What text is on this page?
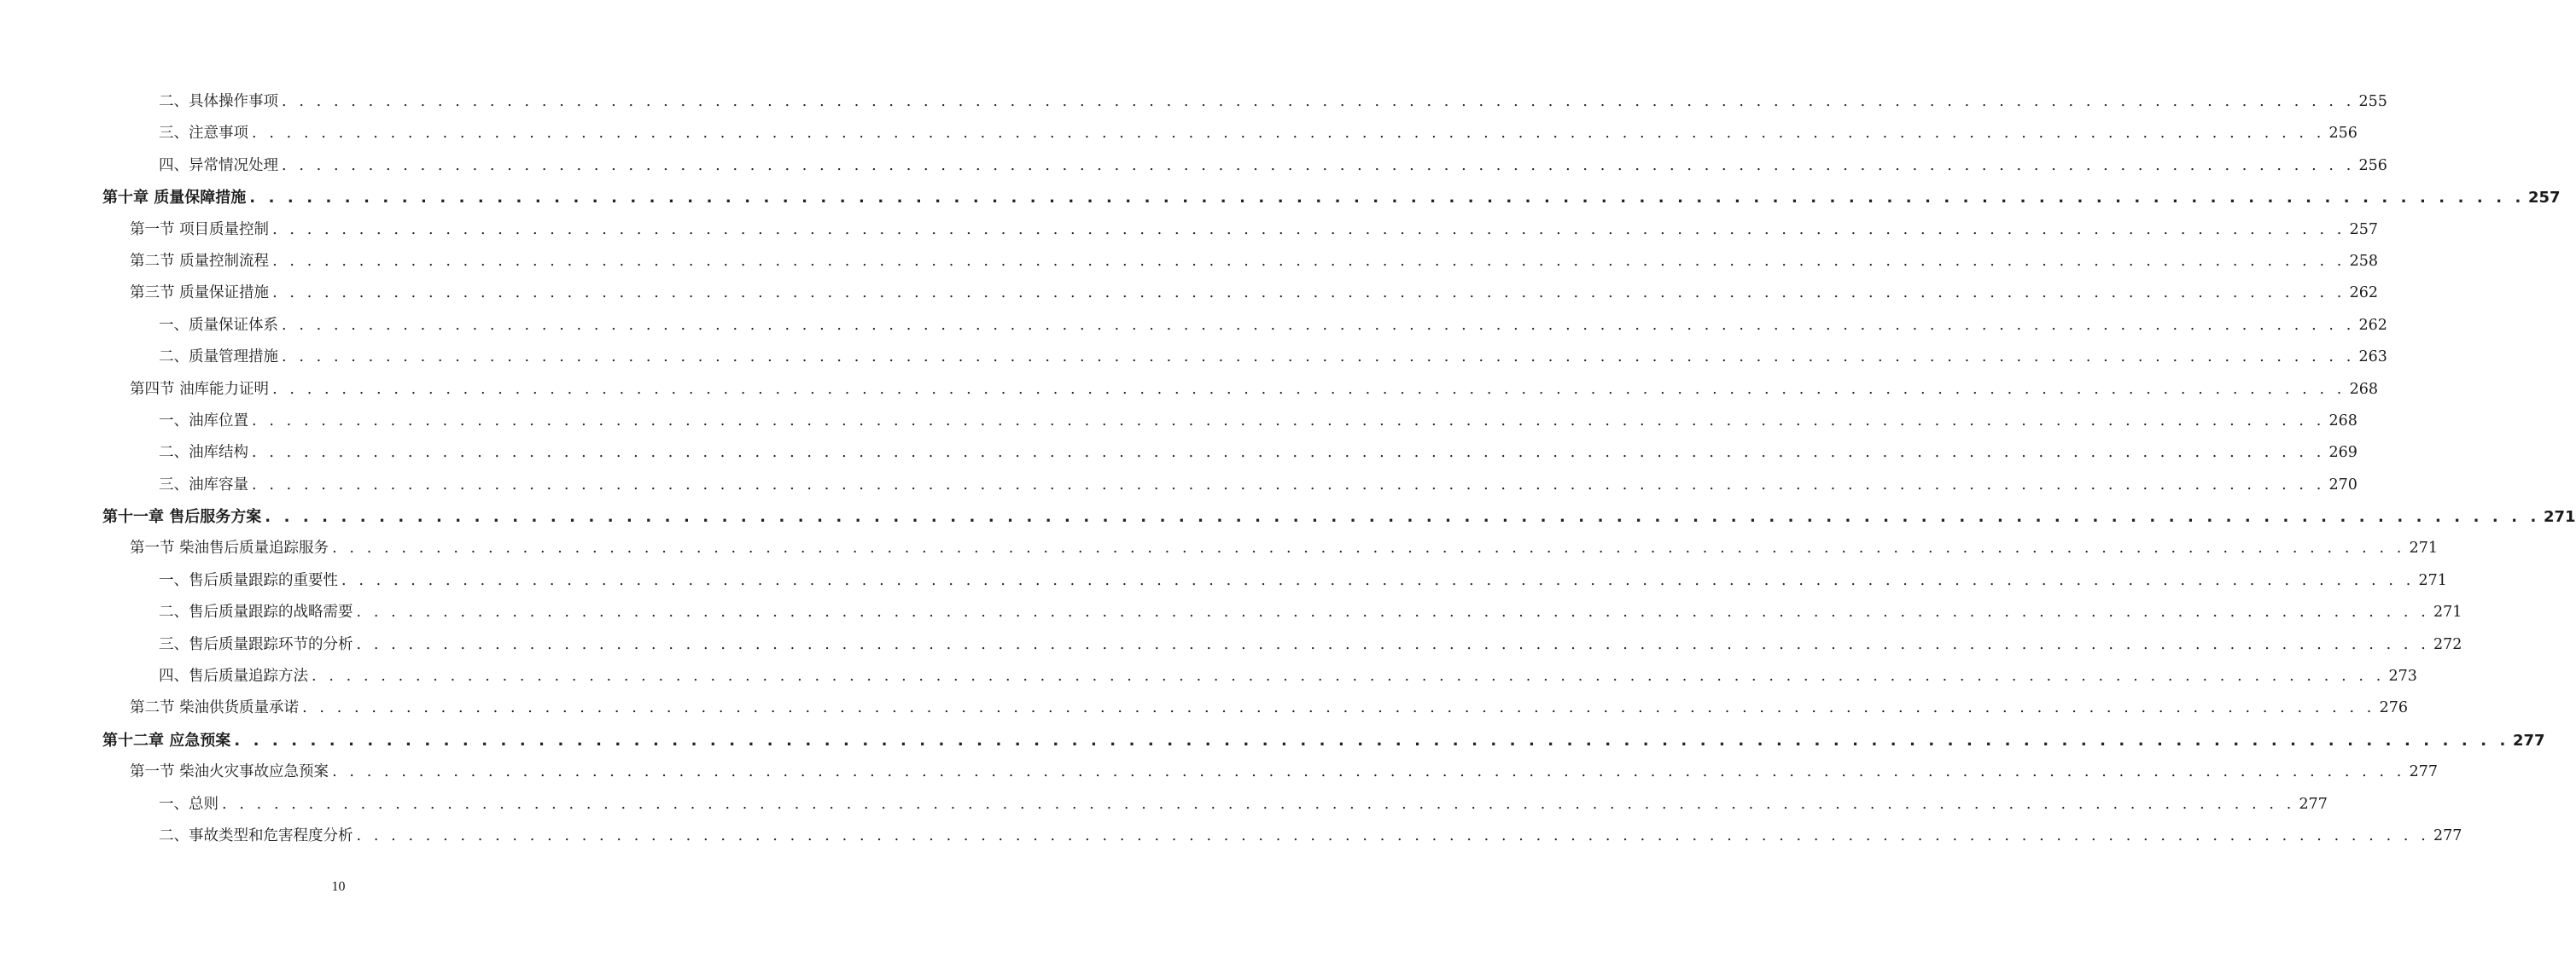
二、具体操作事项 . . . . . . . . . . . . . . . . . . . . . . . . . . . . . . . . . . . . . . . . . . . . . . . . . . . . . . . . . . . . . . . . . . . . . . . . . . . . . . . . . . . . . . . . . . . . . . . . . . . . . . . . . . . . . . . . . . . . . . . . 255
三、注意事项 . . . . . . . . . . . . . . . . . . . . . . . . . . . . . . . . . . . . . . . . . . . . . . . . . . . . . . . . . . . . . . . . . . . . . . . . . . . . . . . . . . . . . . . . . . . . . . . . . . . . . . . . . . . . . . . . . . . . . . . . 256
四、异常情况处理 . . . . . . . . . . . . . . . . . . . . . . . . . . . . . . . . . . . . . . . . . . . . . . . . . . . . . . . . . . . . . . . . . . . . . . . . . . . . . . . . . . . . . . . . . . . . . . . . . . . . . . . . . . . . . . . . . . . . . . . . 256
第十章 质量保障措施 . . . . . . . . . . . . . . . . . . . . . . . . . . . . . . . . . . . . . . . . . . . . . . . . . . . . . . . . . . . . . . . . . . . . . . . . . . . . . . . . . . . . . . . . . . . . . . . . . . . . . . . . . . . . . . . . . . . . . . . . 257
第一节 项目质量控制 . . . . . . . . . . . . . . . . . . . . . . . . . . . . . . . . . . . . . . . . . . . . . . . . . . . . . . . . . . . . . . . . . . . . . . . . . . . . . . . . . . . . . . . . . . . . . . . . . . . . . . . . . . . . . . . . . . . . . . . . 257
第二节 质量控制流程 . . . . . . . . . . . . . . . . . . . . . . . . . . . . . . . . . . . . . . . . . . . . . . . . . . . . . . . . . . . . . . . . . . . . . . . . . . . . . . . . . . . . . . . . . . . . . . . . . . . . . . . . . . . . . . . . . . . . . . . . 258
第三节 质量保证措施 . . . . . . . . . . . . . . . . . . . . . . . . . . . . . . . . . . . . . . . . . . . . . . . . . . . . . . . . . . . . . . . . . . . . . . . . . . . . . . . . . . . . . . . . . . . . . . . . . . . . . . . . . . . . . . . . . . . . . . . . 262
一、质量保证体系 . . . . . . . . . . . . . . . . . . . . . . . . . . . . . . . . . . . . . . . . . . . . . . . . . . . . . . . . . . . . . . . . . . . . . . . . . . . . . . . . . . . . . . . . . . . . . . . . . . . . . . . . . . . . . . . . . . . . . . . . 262
二、质量管理措施 . . . . . . . . . . . . . . . . . . . . . . . . . . . . . . . . . . . . . . . . . . . . . . . . . . . . . . . . . . . . . . . . . . . . . . . . . . . . . . . . . . . . . . . . . . . . . . . . . . . . . . . . . . . . . . . . . . . . . . . . 263
第四节 油库能力证明 . . . . . . . . . . . . . . . . . . . . . . . . . . . . . . . . . . . . . . . . . . . . . . . . . . . . . . . . . . . . . . . . . . . . . . . . . . . . . . . . . . . . . . . . . . . . . . . . . . . . . . . . . . . . . . . . . . . . . . . . 268
一、油库位置 . . . . . . . . . . . . . . . . . . . . . . . . . . . . . . . . . . . . . . . . . . . . . . . . . . . . . . . . . . . . . . . . . . . . . . . . . . . . . . . . . . . . . . . . . . . . . . . . . . . . . . . . . . . . . . . . . . . . . . . . 268
二、油库结构 . . . . . . . . . . . . . . . . . . . . . . . . . . . . . . . . . . . . . . . . . . . . . . . . . . . . . . . . . . . . . . . . . . . . . . . . . . . . . . . . . . . . . . . . . . . . . . . . . . . . . . . . . . . . . . . . . . . . . . . . 269
三、油库容量 . . . . . . . . . . . . . . . . . . . . . . . . . . . . . . . . . . . . . . . . . . . . . . . . . . . . . . . . . . . . . . . . . . . . . . . . . . . . . . . . . . . . . . . . . . . . . . . . . . . . . . . . . . . . . . . . . . . . . . . . 270
第十一章 售后服务方案 . . . . . . . . . . . . . . . . . . . . . . . . . . . . . . . . . . . . . . . . . . . . . . . . . . . . . . . . . . . . . . . . . . . . . . . . . . . . . . . . . . . . . . . . . . . . . . . . . . . . . . . . . . . . . . . . . . . . . . . . 271
第一节 柴油售后质量追踪服务 . . . . . . . . . . . . . . . . . . . . . . . . . . . . . . . . . . . . . . . . . . . . . . . . . . . . . . . . . . . . . . . . . . . . . . . . . . . . . . . . . . . . . . . . . . . . . . . . . . . . . . . . . . . . . . . . . . . . . . . . 271
一、售后质量跟踪的重要性 . . . . . . . . . . . . . . . . . . . . . . . . . . . . . . . . . . . . . . . . . . . . . . . . . . . . . . . . . . . . . . . . . . . . . . . . . . . . . . . . . . . . . . . . . . . . . . . . . . . . . . . . . . . . . . . . . . . . . . . . 271
二、售后质量跟踪的战略需要 . . . . . . . . . . . . . . . . . . . . . . . . . . . . . . . . . . . . . . . . . . . . . . . . . . . . . . . . . . . . . . . . . . . . . . . . . . . . . . . . . . . . . . . . . . . . . . . . . . . . . . . . . . . . . . . . . . . . . . . . 271
三、售后质量跟踪环节的分析 . . . . . . . . . . . . . . . . . . . . . . . . . . . . . . . . . . . . . . . . . . . . . . . . . . . . . . . . . . . . . . . . . . . . . . . . . . . . . . . . . . . . . . . . . . . . . . . . . . . . . . . . . . . . . . . . . . . . . . . . 272
四、售后质量追踪方法 . . . . . . . . . . . . . . . . . . . . . . . . . . . . . . . . . . . . . . . . . . . . . . . . . . . . . . . . . . . . . . . . . . . . . . . . . . . . . . . . . . . . . . . . . . . . . . . . . . . . . . . . . . . . . . . . . . . . . . . . 273
第二节 柴油供货质量承诺 . . . . . . . . . . . . . . . . . . . . . . . . . . . . . . . . . . . . . . . . . . . . . . . . . . . . . . . . . . . . . . . . . . . . . . . . . . . . . . . . . . . . . . . . . . . . . . . . . . . . . . . . . . . . . . . . . . . . . . . . 276
第十二章 应急预案 . . . . . . . . . . . . . . . . . . . . . . . . . . . . . . . . . . . . . . . . . . . . . . . . . . . . . . . . . . . . . . . . . . . . . . . . . . . . . . . . . . . . . . . . . . . . . . . . . . . . . . . . . . . . . . . . . . . . . . . . 277
第一节 柴油火灾事故应急预案 . . . . . . . . . . . . . . . . . . . . . . . . . . . . . . . . . . . . . . . . . . . . . . . . . . . . . . . . . . . . . . . . . . . . . . . . . . . . . . . . . . . . . . . . . . . . . . . . . . . . . . . . . . . . . . . . . . . . . . . . 277
一、总则 . . . . . . . . . . . . . . . . . . . . . . . . . . . . . . . . . . . . . . . . . . . . . . . . . . . . . . . . . . . . . . . . . . . . . . . . . . . . . . . . . . . . . . . . . . . . . . . . . . . . . . . . . . . . . . . . . . . . . . . . 277
二、事故类型和危害程度分析 . . . . . . . . . . . . . . . . . . . . . . . . . . . . . . . . . . . . . . . . . . . . . . . . . . . . . . . . . . . . . . . . . . . . . . . . . . . . . . . . . . . . . . . . . . . . . . . . . . . . . . . . . . . . . . . . . . . . . . . . 277
10
